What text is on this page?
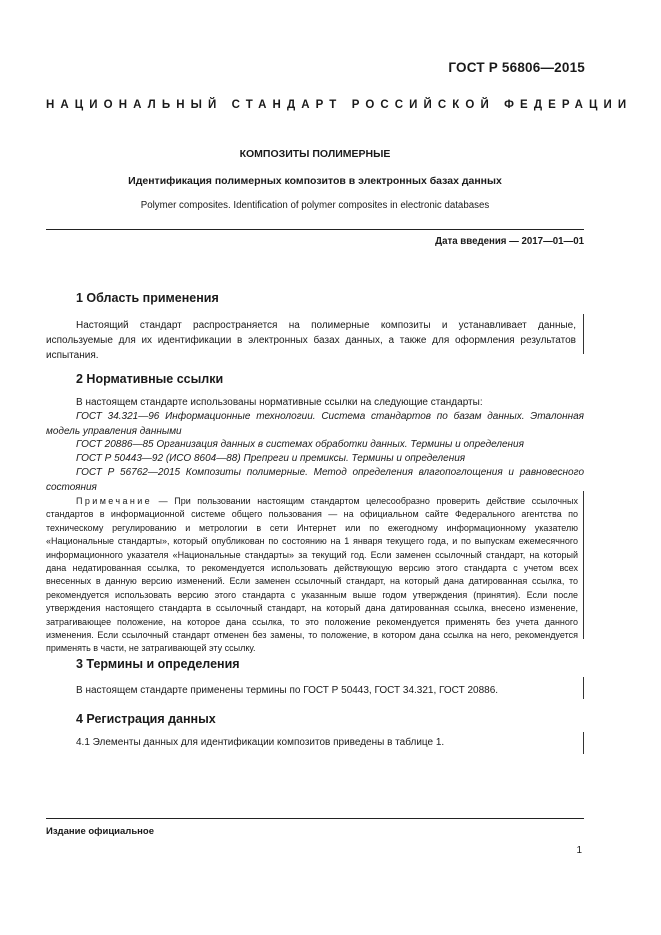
ГОСТ Р 56806—2015
НАЦИОНАЛЬНЫЙ СТАНДАРТ РОССИЙСКОЙ ФЕДЕРАЦИИ
КОМПОЗИТЫ ПОЛИМЕРНЫЕ
Идентификация полимерных композитов в электронных базах данных
Polymer composites. Identification of polymer composites in electronic databases
Дата введения — 2017—01—01
1 Область применения
Настоящий стандарт распространяется на полимерные композиты и устанавливает данные, используемые для их идентификации в электронных базах данных, а также для оформления результатов испытания.
2 Нормативные ссылки
В настоящем стандарте использованы нормативные ссылки на следующие стандарты:
ГОСТ 34.321—96 Информационные технологии. Система стандартов по базам данных. Эталонная модель управления данными
ГОСТ 20886—85 Организация данных в системах обработки данных. Термины и определения
ГОСТ Р 50443—92 (ИСО 8604—88) Препреги и премиксы. Термины и определения
ГОСТ Р 56762—2015 Композиты полимерные. Метод определения влагопоглощения и равновесного состояния
Примечание — При пользовании настоящим стандартом целесообразно проверить действие ссылочных стандартов в информационной системе общего пользования — на официальном сайте Федерального агентства по техническому регулированию и метрологии в сети Интернет или по ежегодному информационному указателю «Национальные стандарты», который опубликован по состоянию на 1 января текущего года, и по выпускам ежемесячного информационного указателя «Национальные стандарты» за текущий год. Если заменен ссылочный стандарт, на который дана недатированная ссылка, то рекомендуется использовать действующую версию этого стандарта с учетом всех внесенных в данную версию изменений. Если заменен ссылочный стандарт, на который дана датированная ссылка, то рекомендуется использовать версию этого стандарта с указанным выше годом утверждения (принятия). Если после утверждения настоящего стандарта в ссылочный стандарт, на который дана датированная ссылка, внесено изменение, затрагивающее положение, на которое дана ссылка, то это положение рекомендуется применять без учета данного изменения. Если ссылочный стандарт отменен без замены, то положение, в котором дана ссылка на него, рекомендуется применять в части, не затрагивающей эту ссылку.
3 Термины и определения
В настоящем стандарте применены термины по ГОСТ Р 50443, ГОСТ 34.321, ГОСТ 20886.
4 Регистрация данных
4.1 Элементы данных для идентификации композитов приведены в таблице 1.
Издание официальное
1
